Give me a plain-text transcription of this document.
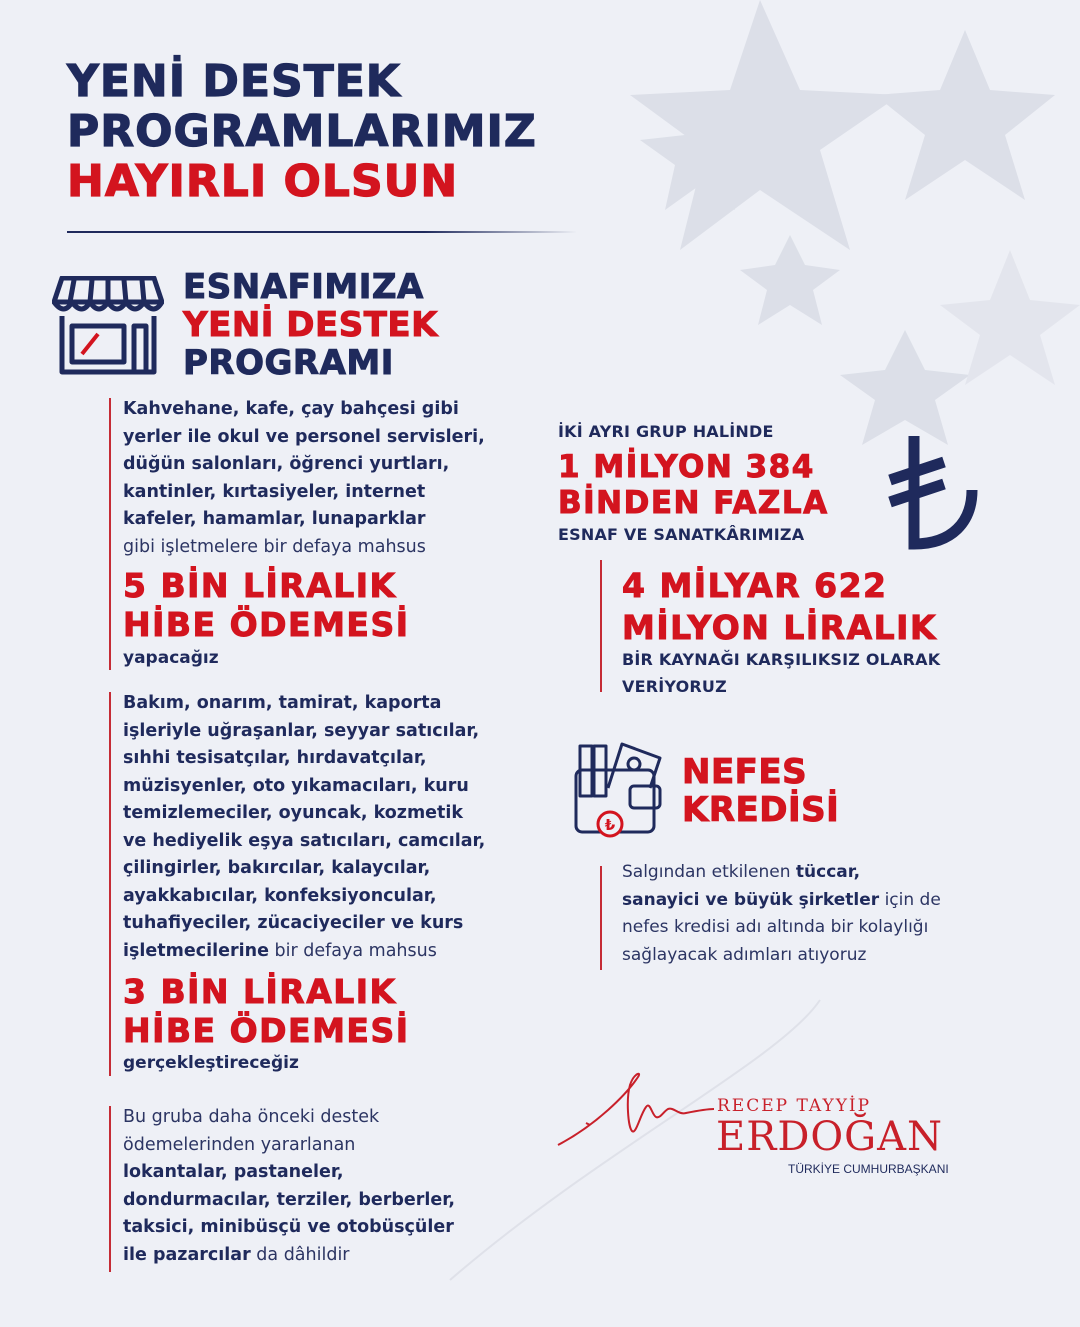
YENİ DESTEK
PROGRAMLARIMIZ
HAYIRLI OLSUN
ESNAFIMIZA
YENİ DESTEK
PROGRAMI
Kahvehane, kafe, çay bahçesi gibi
yerler ile okul ve personel servisleri,
düğün salonları, öğrenci yurtları,
kantinler, kırtasiyeler, internet
kafeler, hamamlar, lunaparklar
gibi işletmelere bir defaya mahsus
5 BİN LİRALIK
HİBE ÖDEMESİ
yapacağız
Bakım, onarım, tamirat, kaporta
işleriyle uğraşanlar, seyyar satıcılar,
sıhhi tesisatçılar, hırdavatçılar,
müzisyenler, oto yıkamacıları, kuru
temizlemeciler, oyuncak, kozmetik
ve hediyelik eşya satıcıları, camcılar,
çilingirler, bakırcılar, kalaycılar,
ayakkabıcılar, konfeksiyoncular,
tuhafiyeciler, zücaciyeciler ve kurs
işletmecilerine bir defaya mahsus
3 BİN LİRALIK
HİBE ÖDEMESİ
gerçekleştireceğiz
Bu gruba daha önceki destek
ödemelerinden yararlanan
lokantalar, pastaneler,
dondurmacılar, terziler, berberler,
taksici, minibüsçü ve otobüsçüler
ile pazarcılar da dâhildir
İKİ AYRI GRUP HALİNDE
1 MİLYON 384
BİNDEN FAZLA
ESNAF VE SANATKÂRIMIZA
4 MİLYAR 622
MİLYON LİRALIK
BİR KAYNAĞI KARŞILIKSIZ OLARAK
VERİYORUZ
₺
NEFES
KREDİSİ
Salgından etkilenen tüccar,
sanayici ve büyük şirketler için de
nefes kredisi adı altında bir kolaylığı
sağlayacak adımları atıyoruz
RECEP TAYYİP
ERDOĞAN
TÜRKİYE CUMHURBAŞKANI
